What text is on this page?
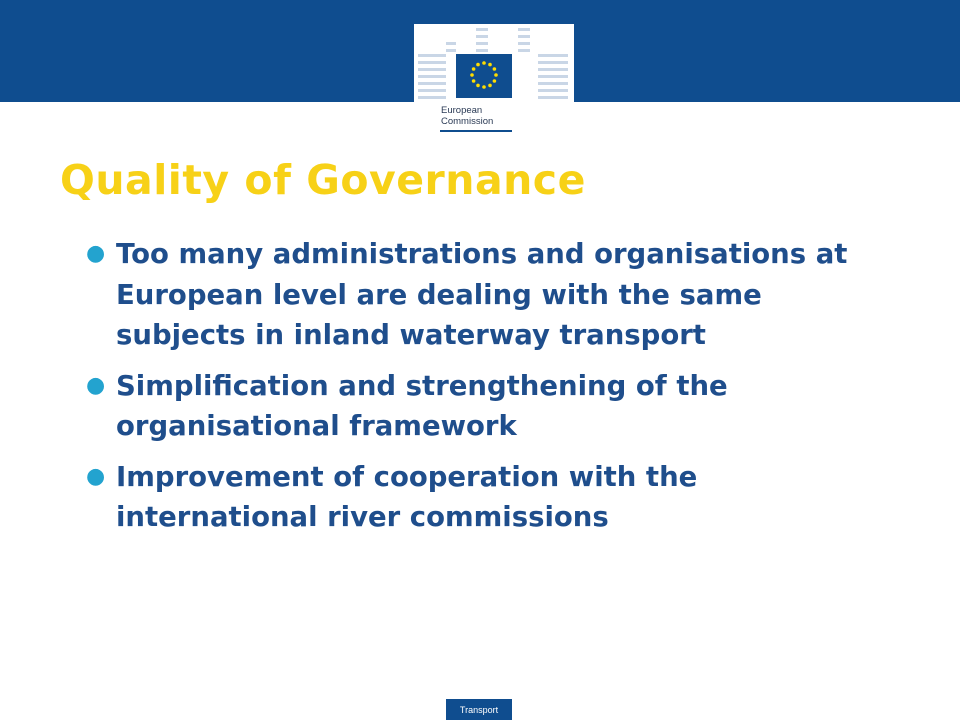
European
Commission
Quality of Governance
● Too many administrations and organisations at European level are dealing with the same subjects in inland waterway transport
● Simplification and strengthening of the organisational framework
● Improvement of cooperation with the international river commissions
Transport
